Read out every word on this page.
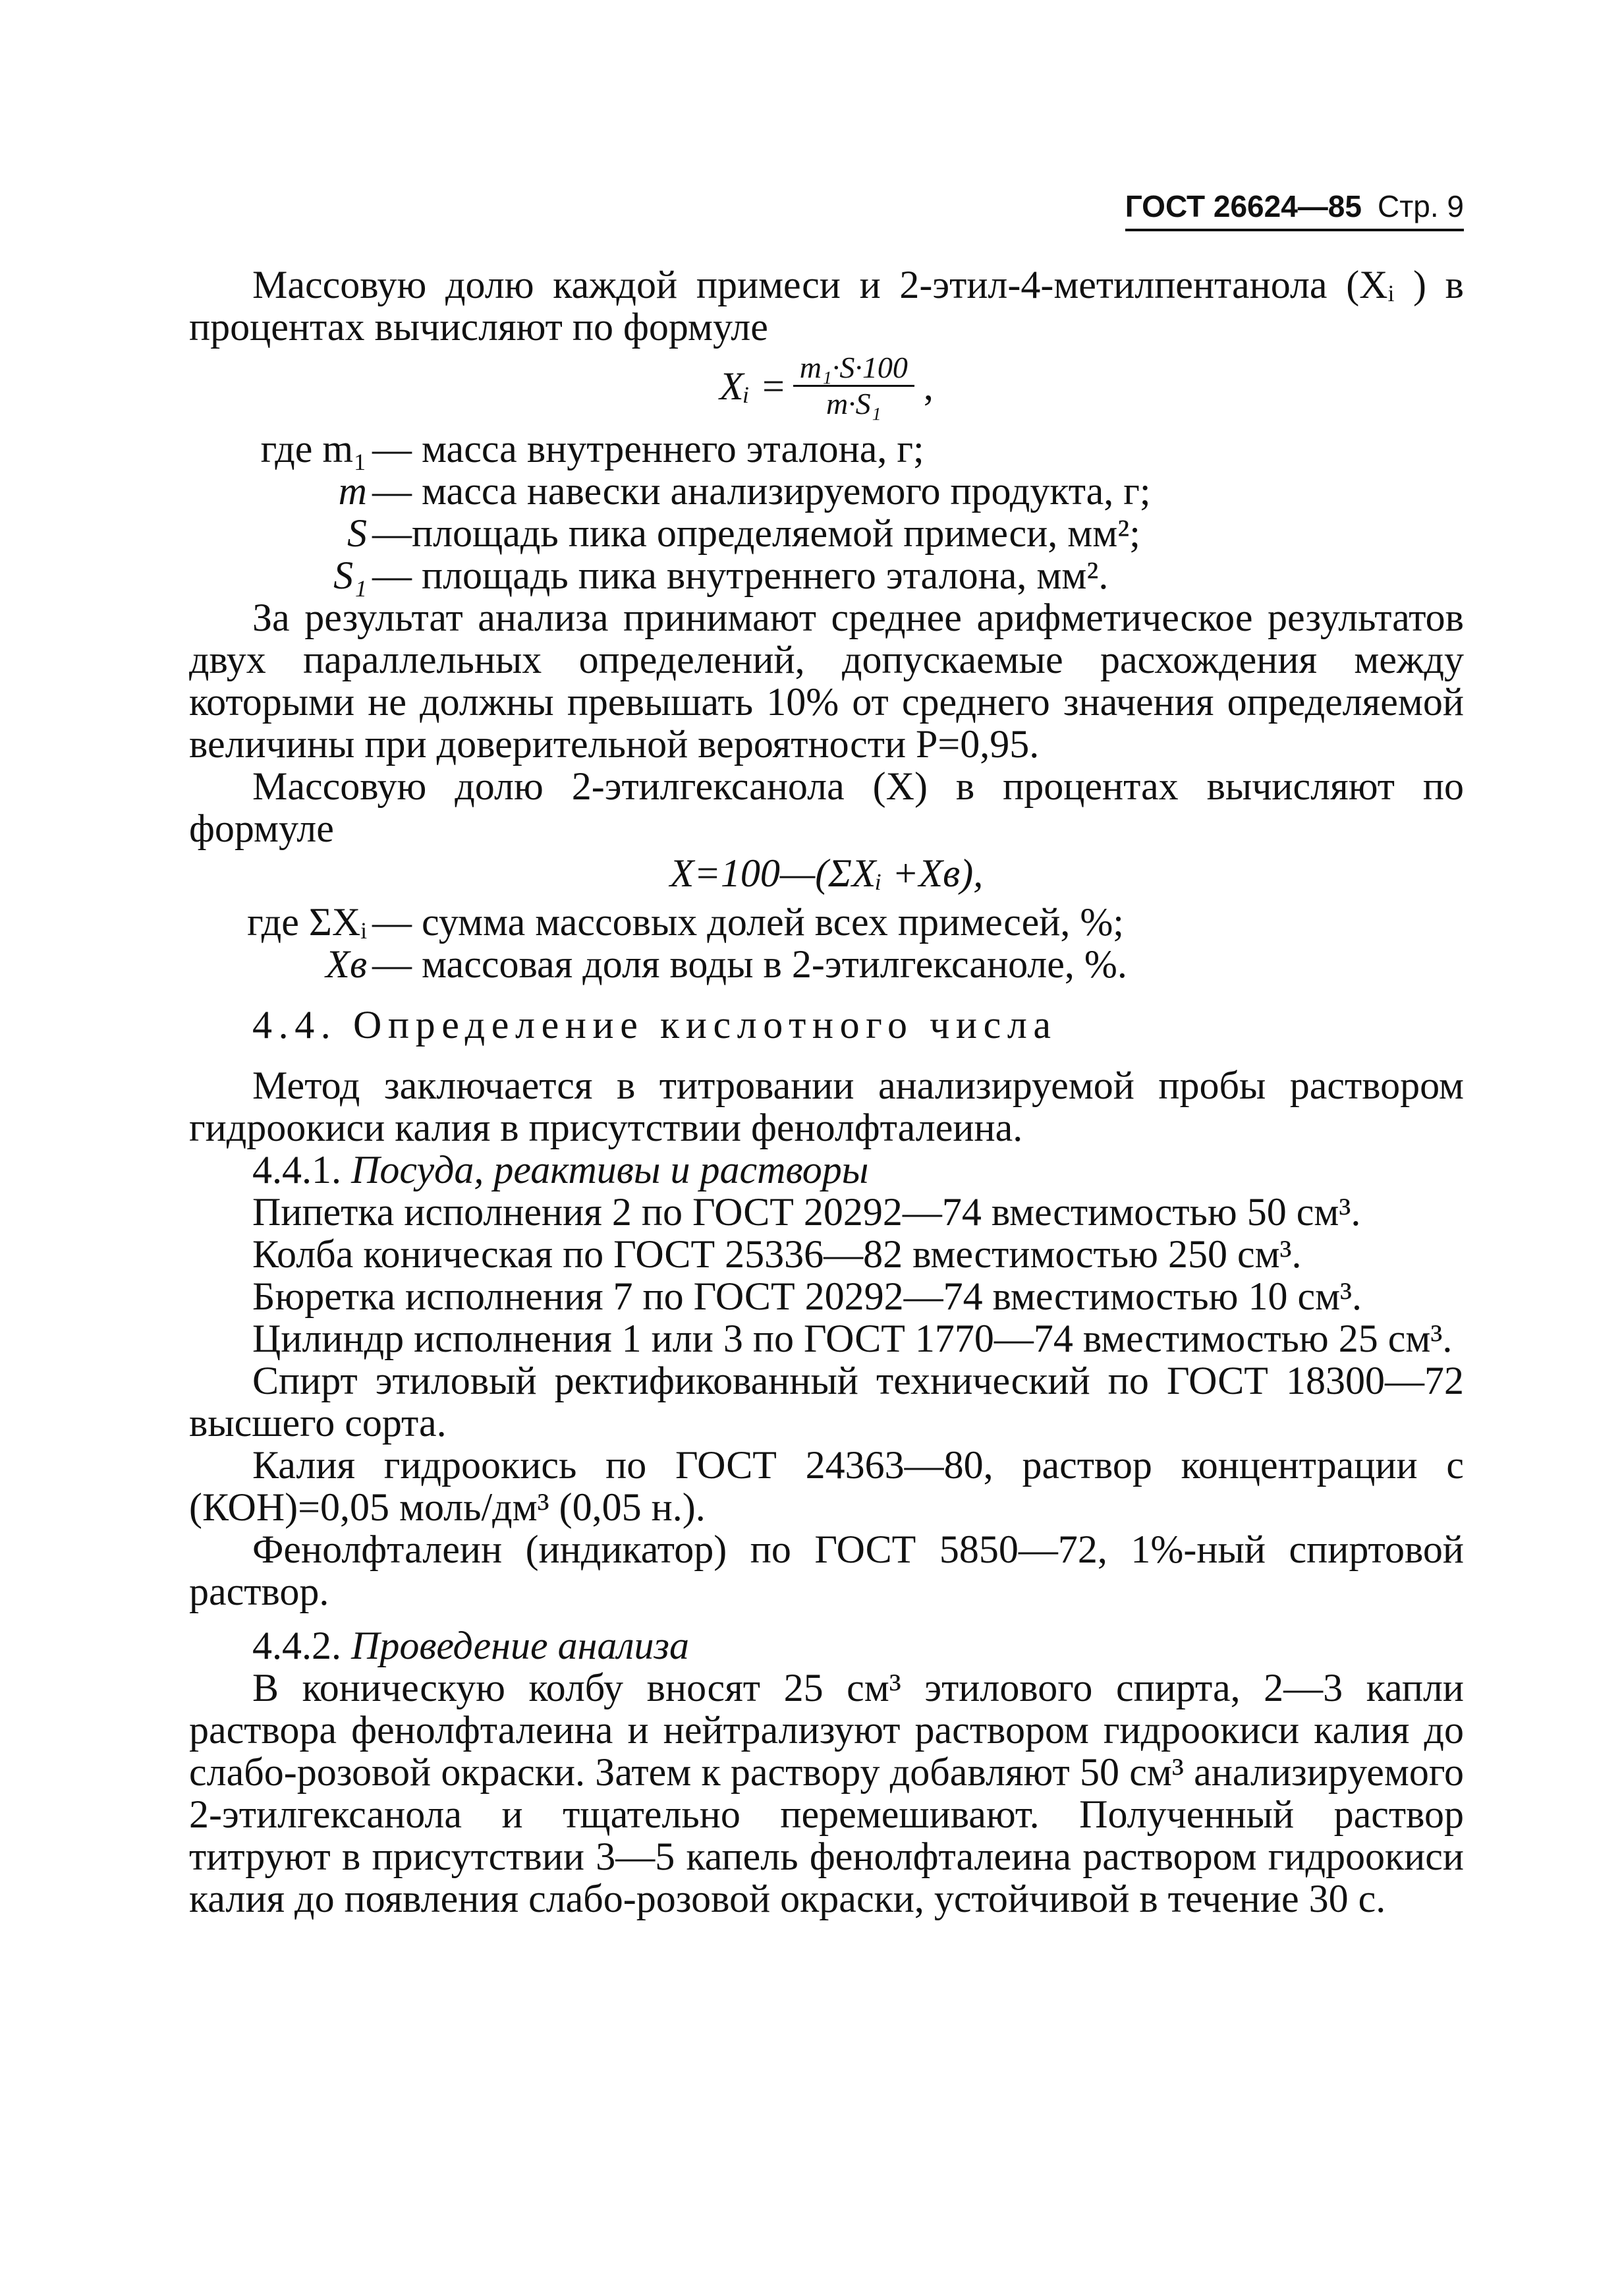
ГОСТ 26624—85 Стр. 9

Массовую долю каждой примеси и 2-этил-4-метилпентанола (Xᵢ ) в процентах вычисляют по формуле

Xᵢ = $\frac{\text{m₁·S·100}}{\text{m·S₁}}$ ,
где m₁ — масса внутреннего эталона, г;
m — масса навески анализируемого продукта, г;
S —площадь пика определяемой примеси, мм²;
S₁ — площадь пика внутреннего эталона, мм².

За результат анализа принимают среднее арифметическое результатов двух параллельных определений, допускаемые расхождения между которыми не должны превышать 10% от среднего значения определяемой величины при доверительной вероятности P=0,95.

Массовую долю 2-этилгексанола (X) в процентах вычисляют по формуле

X=100—(ΣXᵢ +Xв),
где ΣXᵢ — сумма массовых долей всех примесей, %;
Xв — массовая доля воды в 2-этилгексаноле, %.

4.4. Определение кислотного числа

Метод заключается в титровании анализируемой пробы раствором гидроокиси калия в присутствии фенолфталеина.

4.4.1. Посуда, реактивы и растворы

Пипетка исполнения 2 по ГОСТ 20292—74 вместимостью 50 см³.

Колба коническая по ГОСТ 25336—82 вместимостью 250 см³.

Бюретка исполнения 7 по ГОСТ 20292—74 вместимостью 10 см³.

Цилиндр исполнения 1 или 3 по ГОСТ 1770—74 вместимостью 25 см³.

Спирт этиловый ректификованный технический по ГОСТ 18300—72 высшего сорта.

Калия гидроокись по ГОСТ 24363—80, раствор концентрации c (КОН)=0,05 моль/дм³ (0,05 н.).

Фенолфталеин (индикатор) по ГОСТ 5850—72, 1%-ный спиртовой раствор.

4.4.2. Проведение анализа

В коническую колбу вносят 25 см³ этилового спирта, 2—3 капли раствора фенолфталеина и нейтрализуют раствором гидроокиси калия до слабо-розовой окраски. Затем к раствору добавляют 50 см³ анализируемого 2-этилгексанола и тщательно перемешивают. Полученный раствор титруют в присутствии 3—5 капель фенолфталеина раствором гидроокиси калия до появления слабо-розовой окраски, устойчивой в течение 30 с.
